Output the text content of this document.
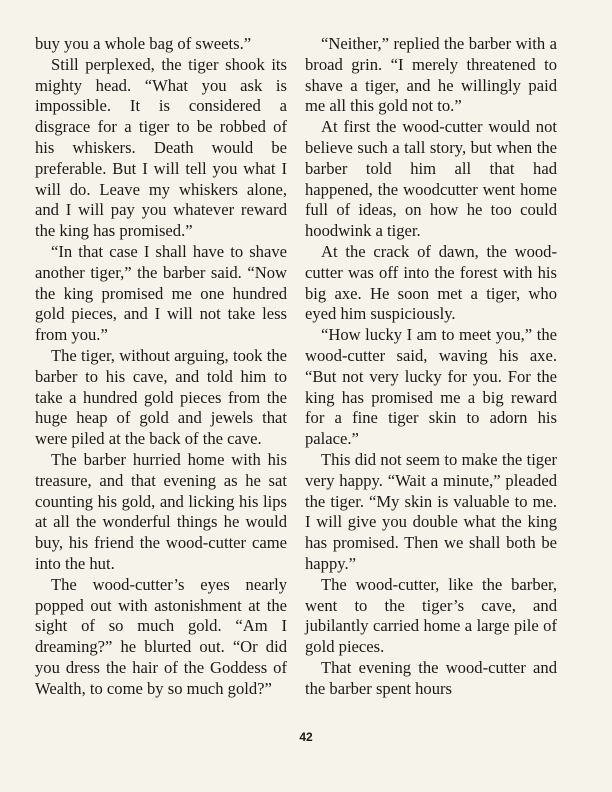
buy you a whole bag of sweets.”

Still perplexed, the tiger shook its mighty head. “What you ask is impossible. It is considered a disgrace for a tiger to be robbed of his whiskers. Death would be preferable. But I will tell you what I will do. Leave my whiskers alone, and I will pay you whatever reward the king has promised.”

“In that case I shall have to shave another tiger,” the barber said. “Now the king promised me one hundred gold pieces, and I will not take less from you.”

The tiger, without arguing, took the barber to his cave, and told him to take a hundred gold pieces from the huge heap of gold and jewels that were piled at the back of the cave.

The barber hurried home with his treasure, and that evening as he sat counting his gold, and licking his lips at all the wonderful things he would buy, his friend the wood-cutter came into the hut.

The wood-cutter’s eyes nearly popped out with astonishment at the sight of so much gold. “Am I dreaming?” he blurted out. “Or did you dress the hair of the Goddess of Wealth, to come by so much gold?”

“Neither,” replied the barber with a broad grin. “I merely threatened to shave a tiger, and he willingly paid me all this gold not to.”

At first the wood-cutter would not believe such a tall story, but when the barber told him all that had happened, the woodcutter went home full of ideas, on how he too could hoodwink a tiger.

At the crack of dawn, the wood-cutter was off into the forest with his big axe. He soon met a tiger, who eyed him suspiciously.

“How lucky I am to meet you,” the wood-cutter said, waving his axe. “But not very lucky for you. For the king has promised me a big reward for a fine tiger skin to adorn his palace.”

This did not seem to make the tiger very happy. “Wait a minute,” pleaded the tiger. “My skin is valuable to me. I will give you double what the king has promised. Then we shall both be happy.”

The wood-cutter, like the barber, went to the tiger’s cave, and jubilantly carried home a large pile of gold pieces.

That evening the wood-cutter and the barber spent hours

42
